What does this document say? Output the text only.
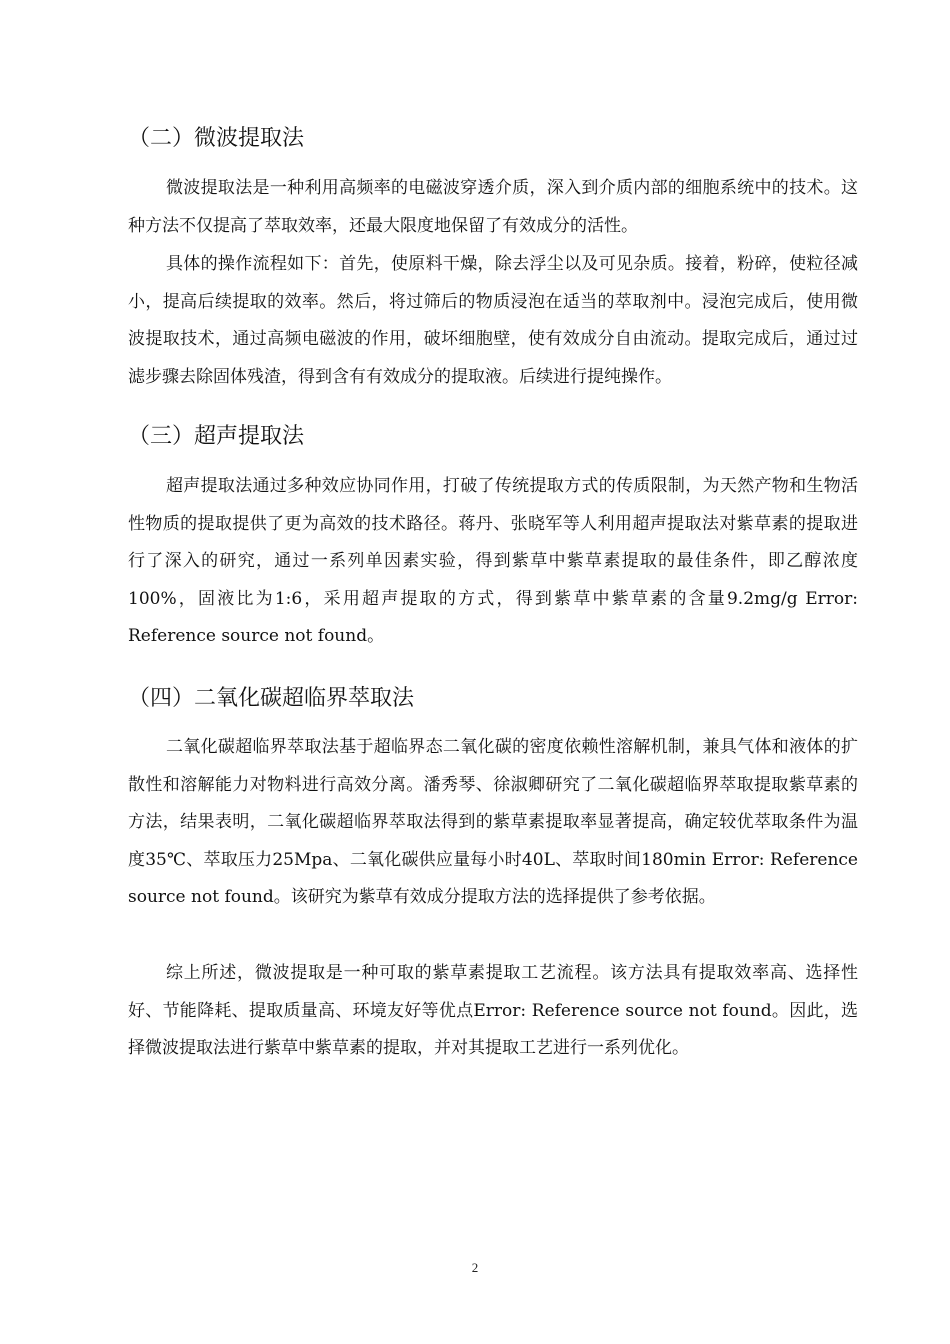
（二）微波提取法
微波提取法是一种利用高频率的电磁波穿透介质，深入到介质内部的细胞系统中的技术。这种方法不仅提高了萃取效率，还最大限度地保留了有效成分的活性。
具体的操作流程如下：首先，使原料干燥，除去浮尘以及可见杂质。接着，粉碎，使粒径减小，提高后续提取的效率。然后，将过筛后的物质浸泡在适当的萃取剂中。浸泡完成后，使用微波提取技术，通过高频电磁波的作用，破坏细胞壁，使有效成分自由流动。提取完成后，通过过滤步骤去除固体残渣，得到含有有效成分的提取液。后续进行提纯操作。
（三）超声提取法
超声提取法通过多种效应协同作用，打破了传统提取方式的传质限制，为天然产物和生物活性物质的提取提供了更为高效的技术路径。蒋丹、张晓军等人利用超声提取法对紫草素的提取进行了深入的研究，通过一系列单因素实验，得到紫草中紫草素提取的最佳条件，即乙醇浓度100%，固液比为1:6，采用超声提取的方式，得到紫草中紫草素的含量9.2mg/g Error: Reference source not found。
（四）二氧化碳超临界萃取法
二氧化碳超临界萃取法基于超临界态二氧化碳的密度依赖性溶解机制，兼具气体和液体的扩散性和溶解能力对物料进行高效分离。潘秀琴、徐淑卿研究了二氧化碳超临界萃取提取紫草素的方法，结果表明，二氧化碳超临界萃取法得到的紫草素提取率显著提高，确定较优萃取条件为温度35℃、萃取压力25Mpa、二氧化碳供应量每小时40L、萃取时间180min Error: Reference source not found。该研究为紫草有效成分提取方法的选择提供了参考依据。
综上所述，微波提取是一种可取的紫草素提取工艺流程。该方法具有提取效率高、选择性好、节能降耗、提取质量高、环境友好等优点Error: Reference source not found。因此，选择微波提取法进行紫草中紫草素的提取，并对其提取工艺进行一系列优化。
2
